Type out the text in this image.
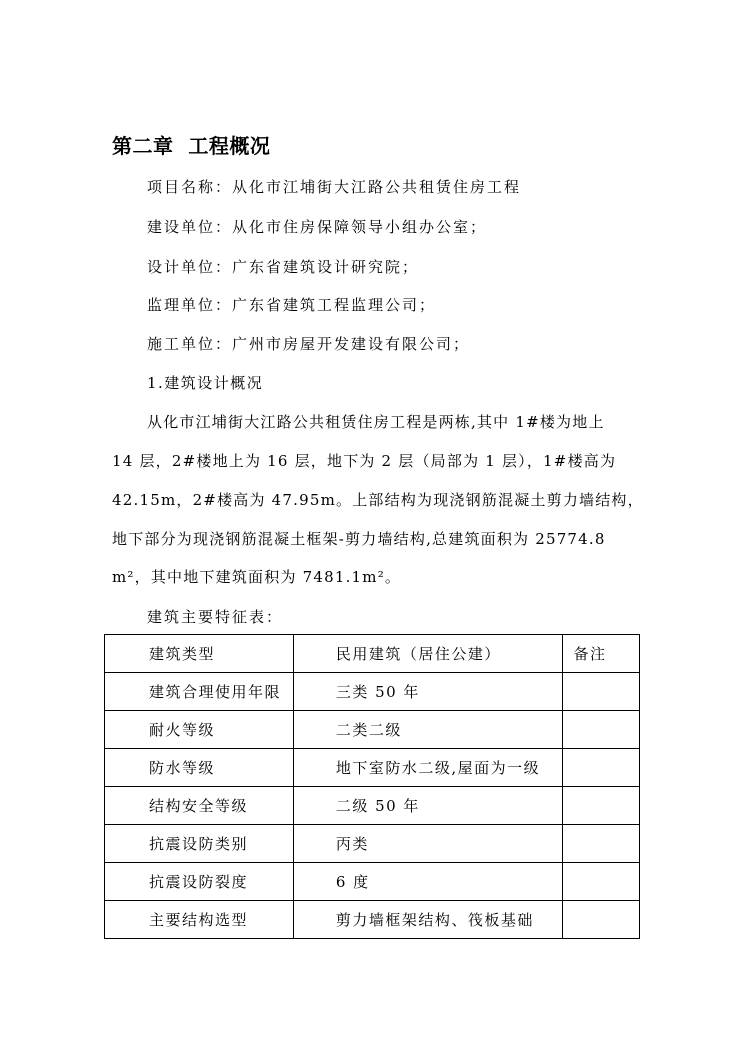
第二章  工程概况
项目名称：从化市江埔街大江路公共租赁住房工程
建设单位：从化市住房保障领导小组办公室；
设计单位：广东省建筑设计研究院；
监理单位：广东省建筑工程监理公司；
施工单位：广州市房屋开发建设有限公司；
1.建筑设计概况
从化市江埔街大江路公共租赁住房工程是两栋,其中 1#楼为地上
14 层，2#楼地上为 16 层，地下为 2 层（局部为 1 层），1#楼高为
42.15m，2#楼高为 47.95m。上部结构为现浇钢筋混凝土剪力墙结构，
地下部分为现浇钢筋混凝土框架-剪力墙结构,总建筑面积为 25774.8
m²，其中地下建筑面积为 7481.1m²。
建筑主要特征表：
建筑类型	民用建筑（居住公建）	备注
建筑合理使用年限	三类 50 年	
耐火等级	二类二级	
防水等级	地下室防水二级,屋面为一级	
结构安全等级	二级 50 年	
抗震设防类别	丙类	
抗震设防裂度	6 度	
主要结构选型	剪力墙框架结构、筏板基础	
